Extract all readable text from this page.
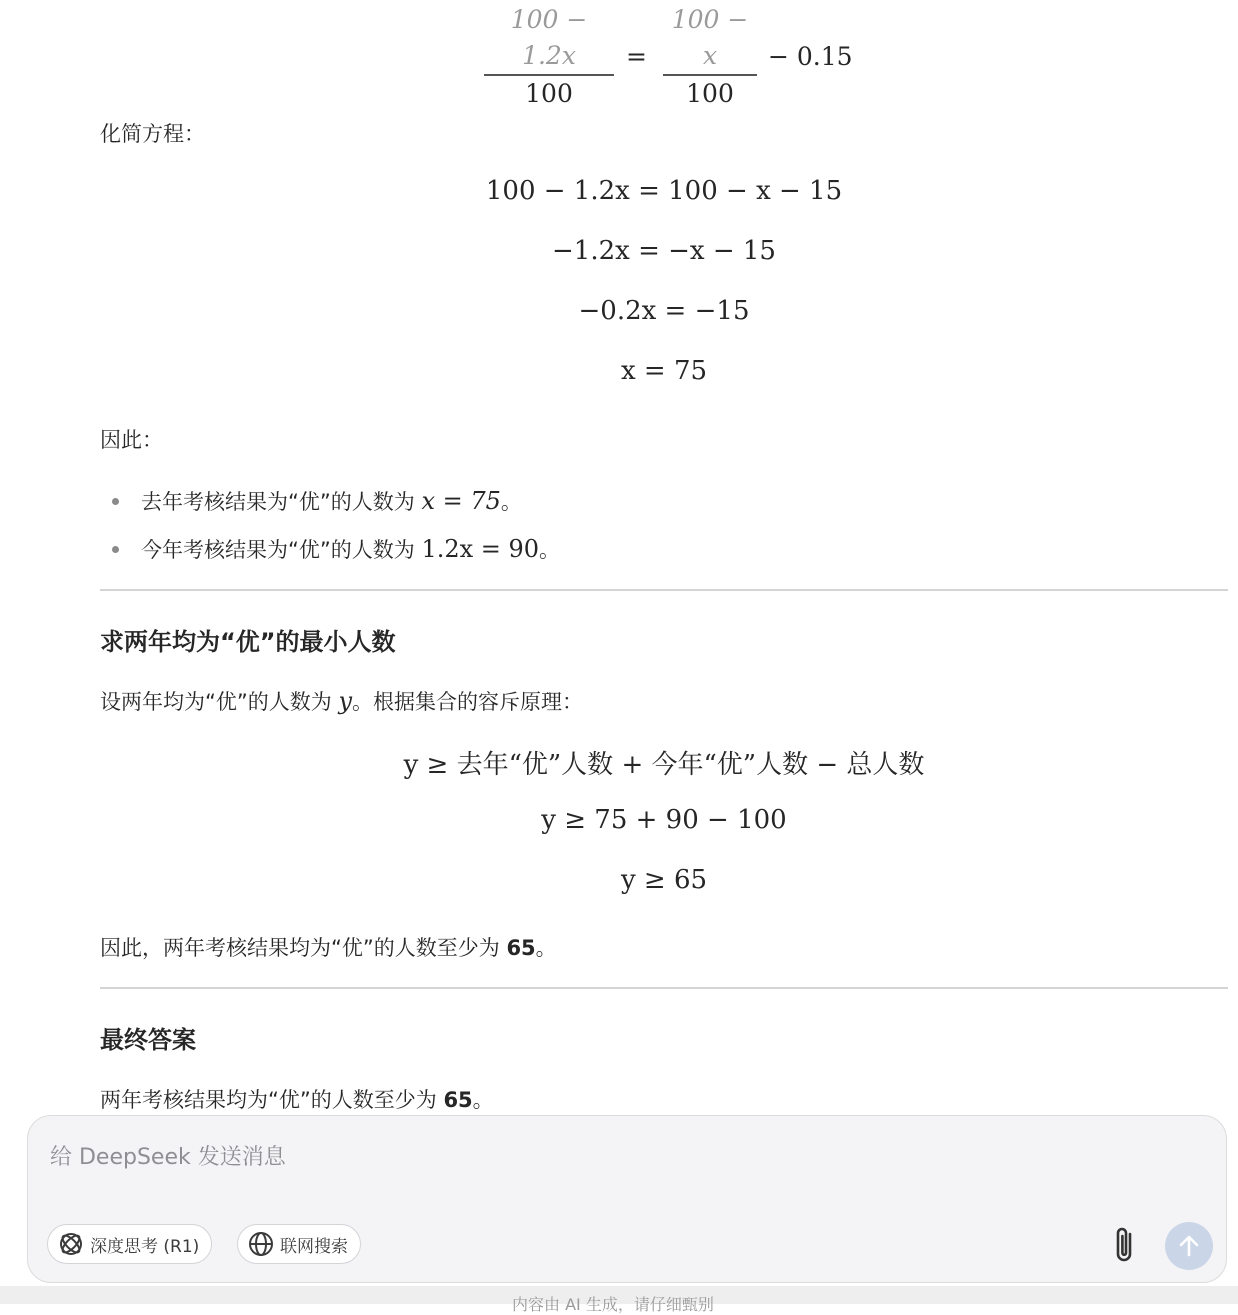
100 − 1.2x
100
=
100 − x
100
− 0.15
化简方程：
100 − 1.2x = 100 − x − 15
−1.2x = −x − 15
−0.2x = −15
x = 75
因此：
去年考核结果为“优”的人数为 x = 75。
今年考核结果为“优”的人数为 1.2x = 90。
求两年均为“优”的最小人数
设两年均为“优”的人数为 y。根据集合的容斥原理：
y ≥ 去年“优”人数 + 今年“优”人数 − 总人数
y ≥ 75 + 90 − 100
y ≥ 65
因此，两年考核结果均为“优”的人数至少为 65。
最终答案
两年考核结果均为“优”的人数至少为 65。
给 DeepSeek 发送消息
深度思考 (R1)	联网搜索
内容由 AI 生成，请仔细甄别
